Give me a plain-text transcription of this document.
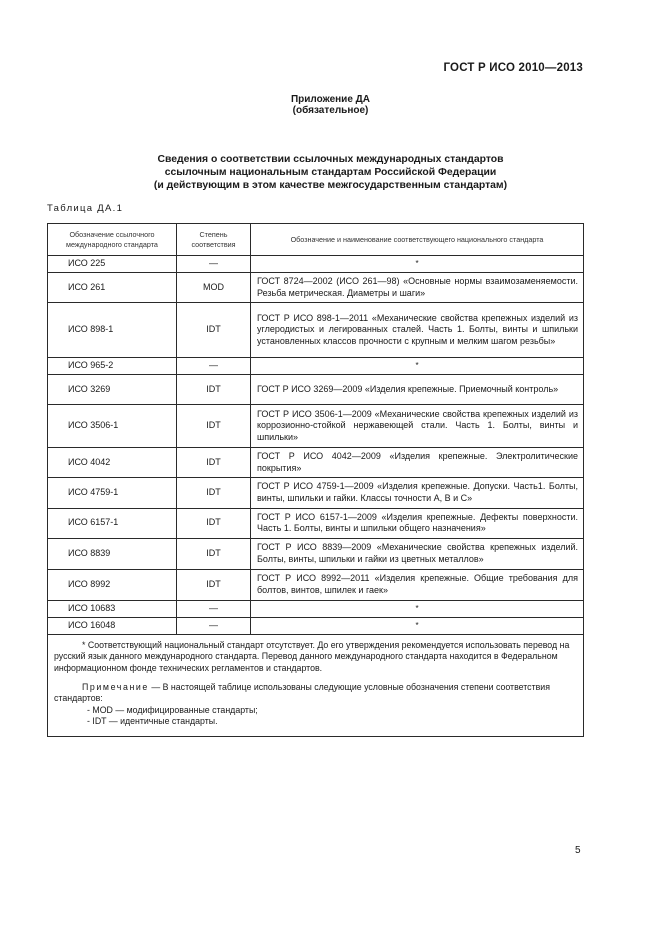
ГОСТ Р ИСО 2010—2013
Приложение ДА
(обязательное)
Сведения о соответствии ссылочных международных стандартов
ссылочным национальным стандартам Российской Федерации
(и действующим в этом качестве межгосударственным стандартам)
Таблица ДА.1
Обозначение ссылочного международного стандарта	Степень соответствия	Обозначение и наименование соответствующего национального стандарта
ИСО 225	—	*
ИСО 261	MOD	ГОСТ 8724—2002 (ИСО 261—98) «Основные нормы взаимозаменяемости. Резьба метрическая. Диаметры и шаги»
ИСО 898-1	IDT	ГОСТ Р ИСО 898-1—2011 «Механические свойства крепежных изделий из углеродистых и легированных сталей. Часть 1. Болты, винты и шпильки установленных классов прочности с крупным и мелким шагом резьбы»
ИСО 965-2	—	*
ИСО 3269	IDT	ГОСТ Р ИСО 3269—2009 «Изделия крепежные. Приемочный контроль»
ИСО 3506-1	IDT	ГОСТ Р ИСО 3506-1—2009 «Механические свойства крепежных изделий из коррозионно-стойкой нержавеющей стали. Часть 1. Болты, винты и шпильки»
ИСО 4042	IDT	ГОСТ Р ИСО 4042—2009 «Изделия крепежные. Электролитические покрытия»
ИСО 4759-1	IDT	ГОСТ Р ИСО 4759-1—2009 «Изделия крепежные. Допуски. Часть1. Болты, винты, шпильки и гайки. Классы точности А, В и С»
ИСО 6157-1	IDT	ГОСТ Р ИСО 6157-1—2009 «Изделия крепежные. Дефекты поверхности. Часть 1. Болты, винты и шпильки общего назначения»
ИСО 8839	IDT	ГОСТ Р ИСО 8839—2009 «Механические свойства крепежных изделий. Болты, винты, шпильки и гайки из цветных металлов»
ИСО 8992	IDT	ГОСТ Р ИСО 8992—2011 «Изделия крепежные. Общие требования для болтов, винтов, шпилек и гаек»
ИСО 10683	—	*
ИСО 16048	—	*

* Соответствующий национальный стандарт отсутствует. До его утверждения рекомендуется использовать перевод на русский язык данного международного стандарта. Перевод данного международного стандарта находится в Федеральном информационном фонде технических регламентов и стандартов.

Примечание — В настоящей таблице использованы следующие условные обозначения степени соответствия стандартов:

- MOD — модифицированные стандарты;

- IDT — идентичные стандарты.		

5
